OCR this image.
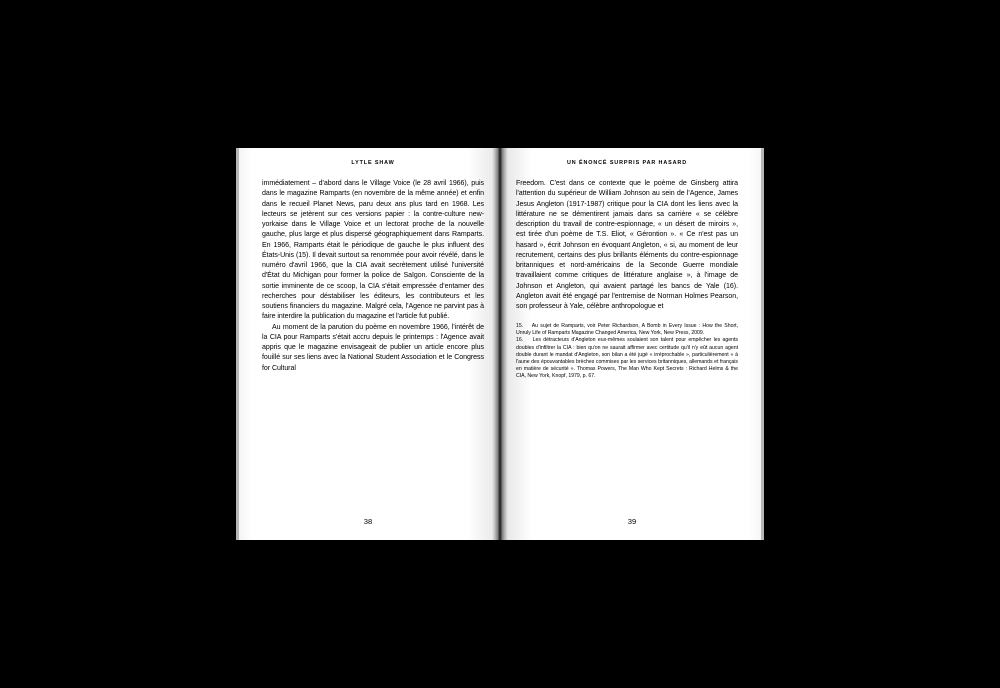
LYTLE SHAW

immédiatement – d'abord dans le Village Voice (le 28 avril 1966), puis dans le magazine Ramparts (en novembre de la même année) et enfin dans le recueil Planet News, paru deux ans plus tard en 1968. Les lecteurs se jetèrent sur ces versions papier : la contre-culture new-yorkaise dans le Village Voice et un lectorat proche de la nouvelle gauche, plus large et plus dispersé géographiquement dans Ramparts. En 1966, Ramparts était le périodique de gauche le plus influent des États-Unis (15). Il devait surtout sa renommée pour avoir révélé, dans le numéro d'avril 1966, que la CIA avait secrètement utilisé l'université d'État du Michigan pour former la police de Saïgon. Consciente de la sortie imminente de ce scoop, la CIA s'était empressée d'entamer des recherches pour déstabiliser les éditeurs, les contributeurs et les soutiens financiers du magazine. Malgré cela, l'Agence ne parvint pas à faire interdire la publication du magazine et l'article fut publié.

Au moment de la parution du poème en novembre 1966, l'intérêt de la CIA pour Ramparts s'était accru depuis le printemps : l'Agence avait appris que le magazine envisageait de publier un article encore plus fouillé sur ses liens avec la National Student Association et le Congress for Cultural

38
UN ÉNONCÉ SURPRIS PAR HASARD

Freedom. C'est dans ce contexte que le poème de Ginsberg attira l'attention du supérieur de William Johnson au sein de l'Agence, James Jesus Angleton (1917-1987) critique pour la CIA dont les liens avec la littérature ne se démentirent jamais dans sa carrière « se célèbre description du travail de contre-espionnage, « un désert de miroirs », est tirée d'un poème de T.S. Eliot, « Gérontion ». « Ce n'est pas un hasard », écrit Johnson en évoquant Angleton, « si, au moment de leur recrutement, certains des plus brillants éléments du contre-espionnage britanniques et nord-américains de la Seconde Guerre mondiale travaillaient comme critiques de littérature anglaise », à l'image de Johnson et Angleton, qui avaient partagé les bancs de Yale (16). Angleton avait été engagé par l'entremise de Norman Holmes Pearson, son professeur à Yale, célèbre anthropologue et

15. Au sujet de Ramparts, voir Peter Richardson, A Bomb in Every Issue : How the Short, Unruly Life of Ramparts Magazine Changed America, New York, New Press, 2009.

16. Les détracteurs d'Angleton eux-mêmes soulaient son talent pour empêcher les agents doubles d'infiltrer la CIA : bien qu'on ne saurait affirmer avec certitude qu'il n'y eût aucun agent double durant le mandat d'Angleton, son bilan a été jugé « irréprochable », particulièrement « à l'aune des épouvantables brèches commises par les services britanniques, allemands et français en matière de sécurité ». Thomas Powers, The Man Who Kept Secrets : Richard Helms & the CIA, New York, Knopf, 1979, p. 67.

39
